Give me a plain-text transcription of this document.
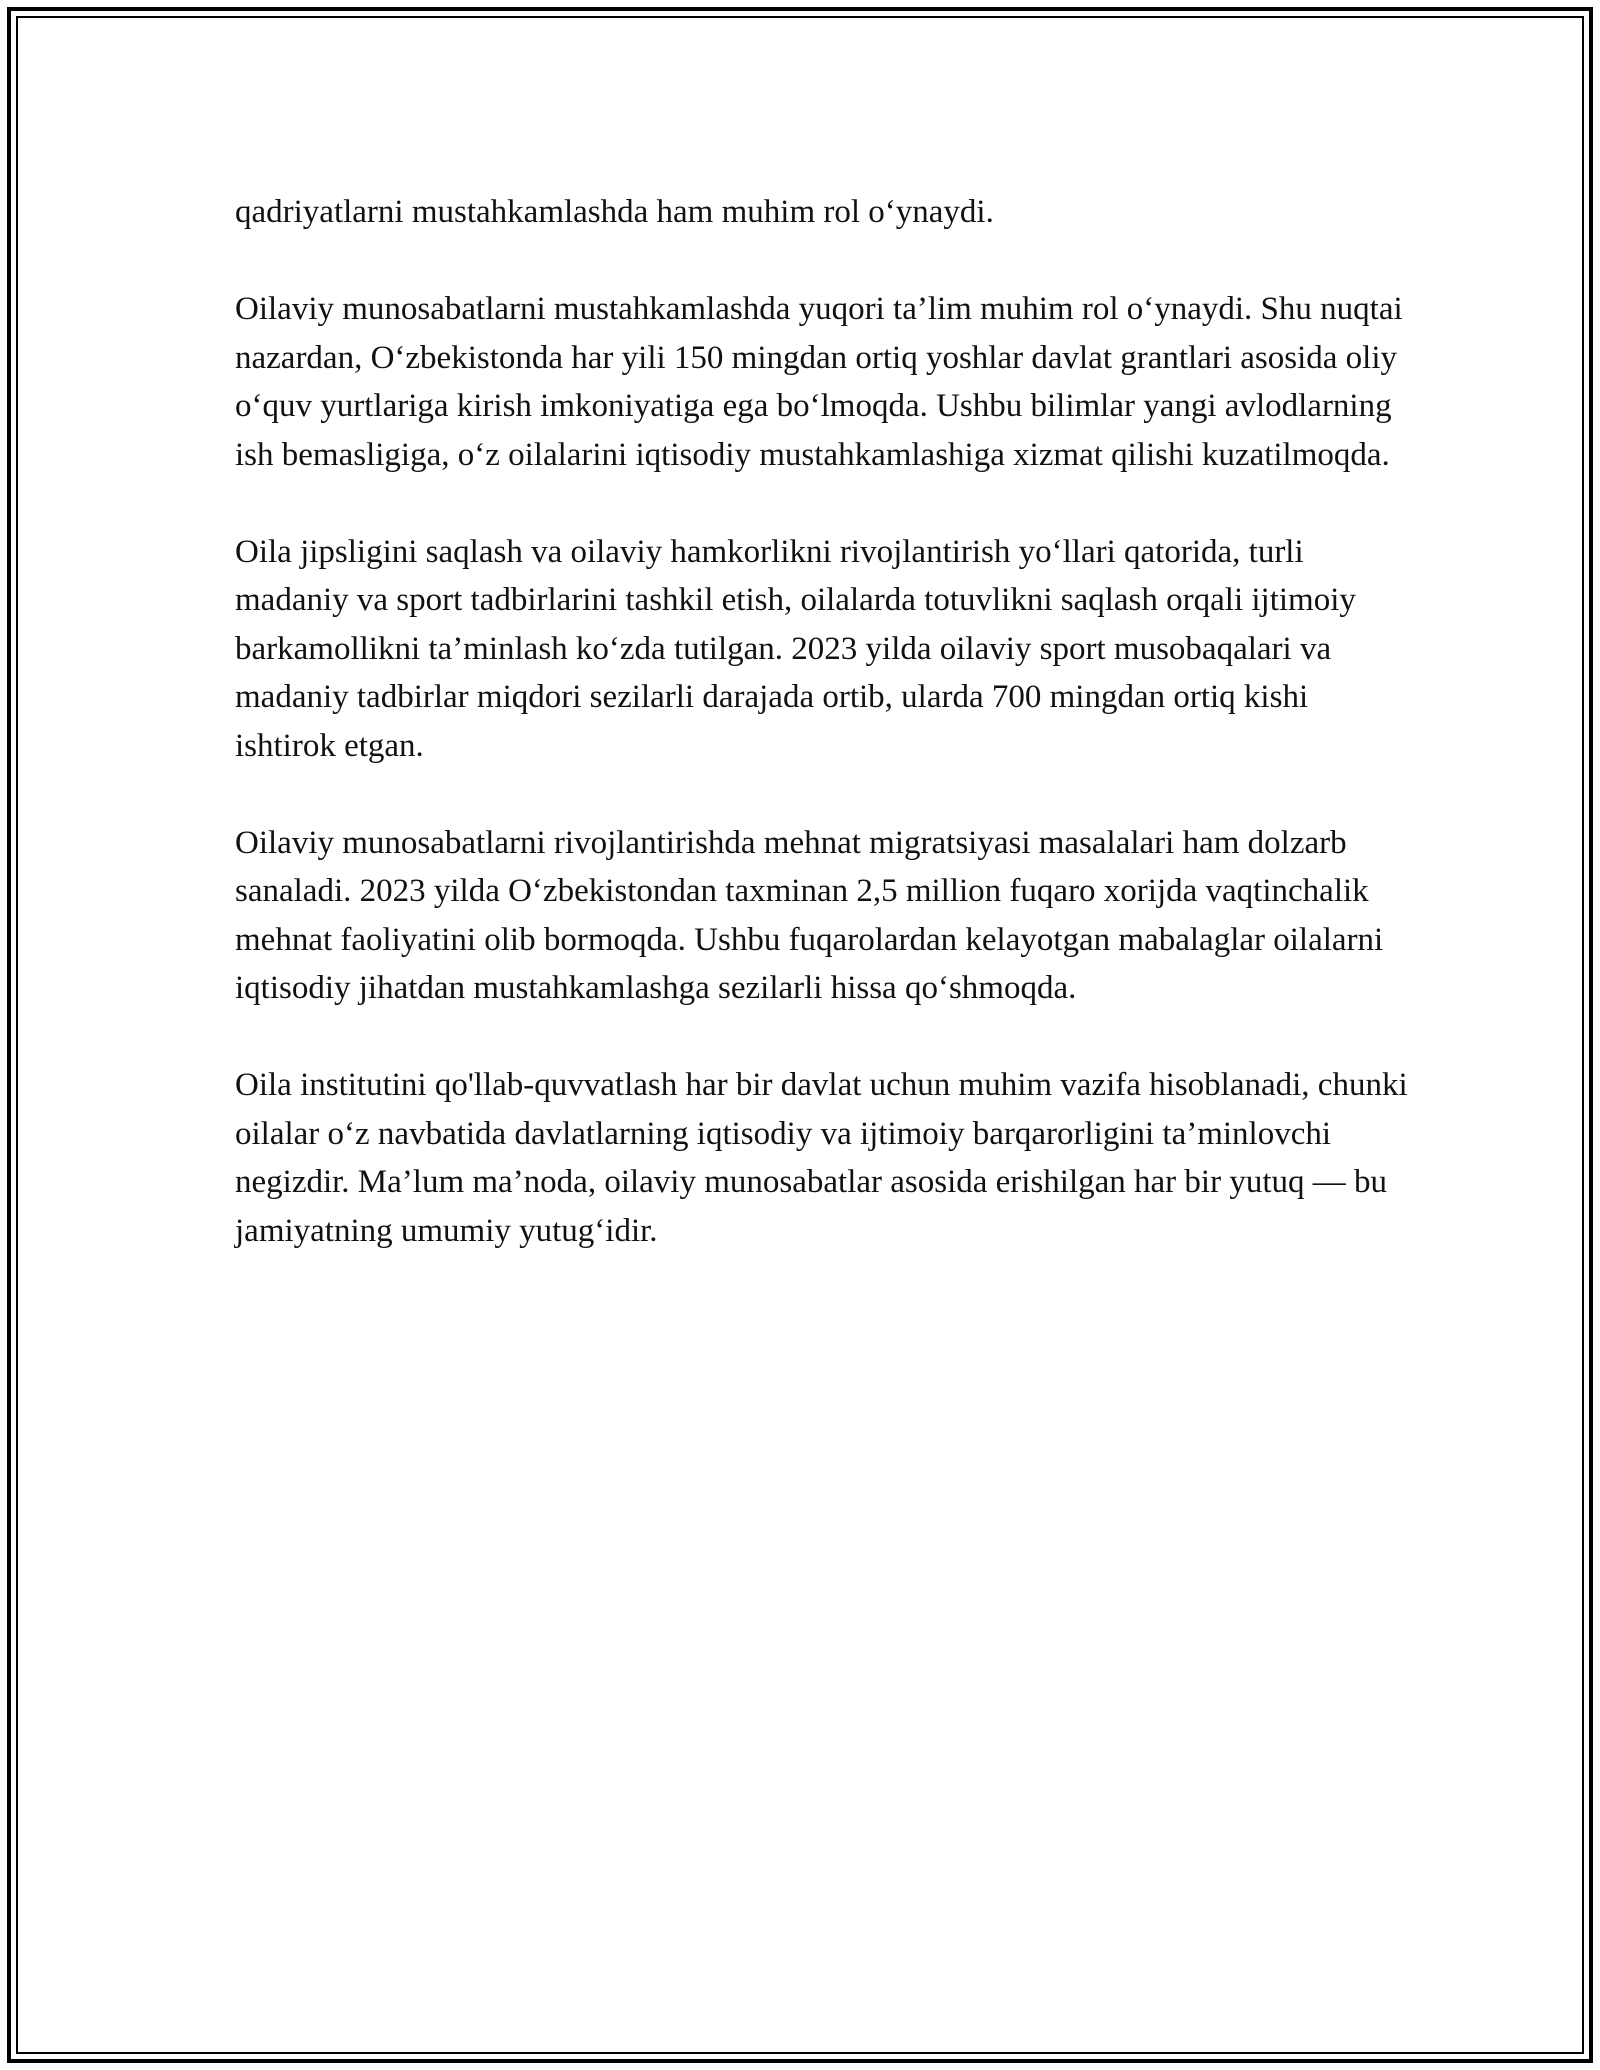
qadriyatlarni mustahkamlashda ham muhim rol o‘ynaydi.

Oilaviy munosabatlarni mustahkamlashda yuqori ta’lim muhim rol o‘ynaydi. Shu nuqtai nazardan, O‘zbekistonda har yili 150 mingdan ortiq yoshlar davlat grantlari asosida oliy o‘quv yurtlariga kirish imkoniyatiga ega bo‘lmoqda. Ushbu bilimlar yangi avlodlarning ish bemasligiga, o‘z oilalarini iqtisodiy mustahkamlashiga xizmat qilishi kuzatilmoqda.

Oila jipsligini saqlash va oilaviy hamkorlikni rivojlantirish yo‘llari qatorida, turli madaniy va sport tadbirlarini tashkil etish, oilalarda totuvlikni saqlash orqali ijtimoiy barkamollikni ta’minlash ko‘zda tutilgan. 2023 yilda oilaviy sport musobaqalari va madaniy tadbirlar miqdori sezilarli darajada ortib, ularda 700 mingdan ortiq kishi ishtirok etgan.

Oilaviy munosabatlarni rivojlantirishda mehnat migratsiyasi masalalari ham dolzarb sanaladi. 2023 yilda O‘zbekistondan taxminan 2,5 million fuqaro xorijda vaqtinchalik mehnat faoliyatini olib bormoqda. Ushbu fuqarolardan kelayotgan mabalaglar oilalarni iqtisodiy jihatdan mustahkamlashga sezilarli hissa qo‘shmoqda.

Oila institutini qo'llab-quvvatlash har bir davlat uchun muhim vazifa hisoblanadi, chunki oilalar o‘z navbatida davlatlarning iqtisodiy va ijtimoiy barqarorligini ta’minlovchi negizdir. Ma’lum ma’noda, oilaviy munosabatlar asosida erishilgan har bir yutuq — bu jamiyatning umumiy yutug‘idir.
